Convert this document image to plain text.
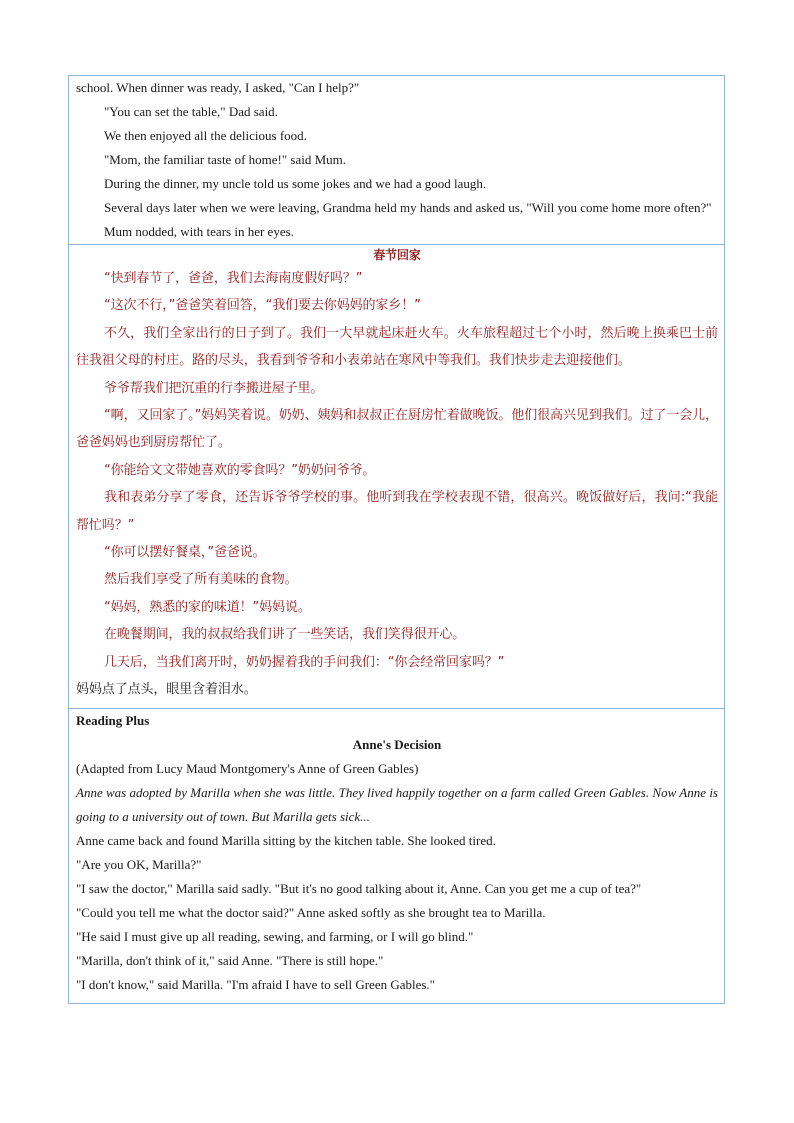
school. When dinner was ready, I asked, "Can I help?"

"You can set the table," Dad said.

We then enjoyed all the delicious food.

"Mom, the familiar taste of home!" said Mum.

During the dinner, my uncle told us some jokes and we had a good laugh.

Several days later when we were leaving, Grandma held my hands and asked us, "Will you come home more often?"

Mum nodded, with tears in her eyes.

春节回家

“快到春节了，爸爸，我们去海南度假好吗？”

“这次不行，”爸爸笑着回答，“我们要去你妈妈的家乡！”

不久，我们全家出行的日子到了。我们一大早就起床赶火车。火车旅程超过七个小时，然后晚上换乘巴士前往我祖父母的村庄。路的尽头，我看到爷爷和小表弟站在寒风中等我们。我们快步走去迎接他们。

爷爷帮我们把沉重的行李搬进屋子里。

“啊，又回家了。”妈妈笑着说。奶奶、姨妈和叔叔正在厨房忙着做晚饭。他们很高兴见到我们。过了一会儿，爸爸妈妈也到厨房帮忙了。

“你能给文文带她喜欢的零食吗？”奶奶问爷爷。

我和表弟分享了零食，还告诉爷爷学校的事。他听到我在学校表现不错，很高兴。晚饭做好后，我问:“我能帮忙吗？”

“你可以摆好餐桌，”爸爸说。

然后我们享受了所有美味的食物。

“妈妈，熟悉的家的味道！”妈妈说。

在晚餐期间，我的叔叔给我们讲了一些笑话，我们笑得很开心。

几天后，当我们离开时，奶奶握着我的手问我们：“你会经常回家吗？”

妈妈点了点头，眼里含着泪水。

Reading Plus

Anne's Decision

(Adapted from Lucy Maud Montgomery's Anne of Green Gables)

Anne was adopted by Marilla when she was little. They lived happily together on a farm called Green Gables. Now Anne is going to a university out of town. But Marilla gets sick...

Anne came back and found Marilla sitting by the kitchen table. She looked tired.

"Are you OK, Marilla?"

"I saw the doctor," Marilla said sadly. "But it's no good talking about it, Anne. Can you get me a cup of tea?"

"Could you tell me what the doctor said?" Anne asked softly as she brought tea to Marilla.

"He said I must give up all reading, sewing, and farming, or I will go blind."

"Marilla, don't think of it," said Anne. "There is still hope."

"I don't know," said Marilla. "I'm afraid I have to sell Green Gables."
